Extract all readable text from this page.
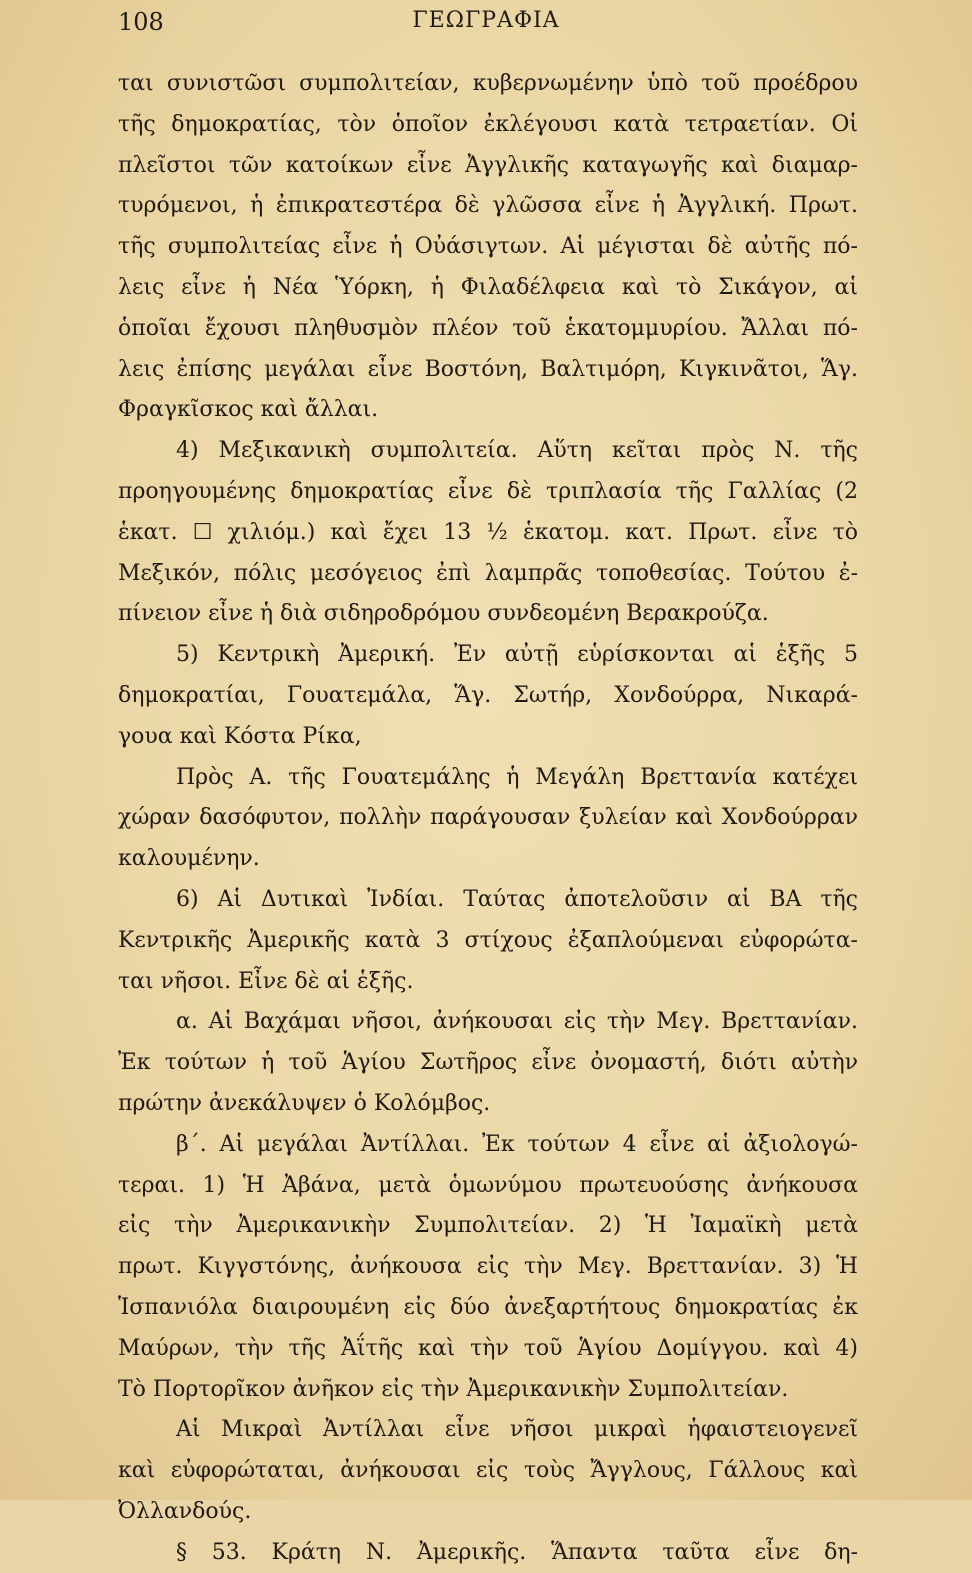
108	ΓΕΩΓΡΑΦΙΑ
ται συνιστῶσι συμπολιτείαν, κυβερνωμένην ὑπὸ τοῦ προέδρου
τῆς δημοκρατίας, τὸν ὁποῖον ἐκλέγουσι κατὰ τετραετίαν. Οἱ
πλεῖστοι τῶν κατοίκων εἶνε Ἀγγλικῆς καταγωγῆς καὶ διαμαρ-
τυρόμενοι, ἡ ἐπικρατεστέρα δὲ γλῶσσα εἶνε ἡ Ἀγγλική. Πρωτ.
τῆς συμπολιτείας εἶνε ἡ Οὐάσιγτων. Αἱ μέγισται δὲ αὐτῆς πό-
λεις εἶνε ἡ Νέα Ὑόρκη, ἡ Φιλαδέλφεια καὶ τὸ Σικάγον, αἱ
ὁποῖαι ἔχουσι πληθυσμὸν πλέον τοῦ ἑκατομμυρίου. Ἄλλαι πό-
λεις ἐπίσης μεγάλαι εἶνε Βοστόνη, Βαλτιμόρη, Κιγκινᾶτοι, Ἅγ.
Φραγκῖσκος καὶ ἄλλαι.
4) Μεξικανικὴ συμπολιτεία. Αὕτη κεῖται πρὸς Ν. τῆς
προηγουμένης δημοκρατίας εἶνε δὲ τριπλασία τῆς Γαλλίας (2
ἑκατ. ☐ χιλιόμ.) καὶ ἔχει 13 ½ ἑκατομ. κατ. Πρωτ. εἶνε τὸ
Μεξικόν, πόλις μεσόγειος ἐπὶ λαμπρᾶς τοποθεσίας. Τούτου ἐ-
πίνειον εἶνε ἡ διὰ σιδηροδρόμου συνδεομένη Βερακρούζα.
5) Κεντρικὴ Ἀμερική. Ἐν αὐτῇ εὑρίσκονται αἱ ἑξῆς 5
δημοκρατίαι, Γουατεμάλα, Ἅγ. Σωτήρ, Χονδούρρα, Νικαρά-
γουα καὶ Κόστα Ρίκα,
Πρὸς Α. τῆς Γουατεμάλης ἡ Μεγάλη Βρεττανία κατέχει
χώραν δασόφυτον, πολλὴν παράγουσαν ξυλείαν καὶ Χονδούρραν
καλουμένην.
6) Αἱ Δυτικαὶ Ἰνδίαι. Ταύτας ἀποτελοῦσιν αἱ ΒΑ τῆς
Κεντρικῆς Ἀμερικῆς κατὰ 3 στίχους ἐξαπλούμεναι εὐφορώτα-
ται νῆσοι. Εἶνε δὲ αἱ ἑξῆς.
α. Αἱ Βαχάμαι νῆσοι, ἀνήκουσαι εἰς τὴν Μεγ. Βρεττανίαν.
Ἐκ τούτων ἡ τοῦ Ἁγίου Σωτῆρος εἶνε ὀνομαστή, διότι αὐτὴν
πρώτην ἀνεκάλυψεν ὁ Κολόμβος.
β΄. Αἱ μεγάλαι Ἀντίλλαι. Ἐκ τούτων 4 εἶνε αἱ ἀξιολογώ-
τεραι. 1) Ἡ Ἀβάνα, μετὰ ὁμωνύμου πρωτευούσης ἀνήκουσα
εἰς τὴν Ἀμερικανικὴν Συμπολιτείαν. 2) Ἡ Ἰαμαϊκὴ μετὰ
πρωτ. Κιγγστόνης, ἀνήκουσα εἰς τὴν Μεγ. Βρεττανίαν. 3) Ἡ
Ἱσπανιόλα διαιρουμένη εἰς δύο ἀνεξαρτήτους δημοκρατίας ἐκ
Μαύρων, τὴν τῆς Ἀΐτῆς καὶ τὴν τοῦ Ἁγίου Δομίγγου. καὶ 4)
Τὸ Πορτορῖκον ἀνῆκον εἰς τὴν Ἀμερικανικὴν Συμπολιτείαν.
Αἱ Μικραὶ Ἀντίλλαι εἶνε νῆσοι μικραὶ ἡφαιστειογενεῖ
καὶ εὐφορώταται, ἀνήκουσαι εἰς τοὺς Ἄγγλους, Γάλλους καὶ
Ὀλλανδούς.
§ 53. Κράτη Ν. Ἀμερικῆς. Ἅπαντα ταῦτα εἶνε δη-
